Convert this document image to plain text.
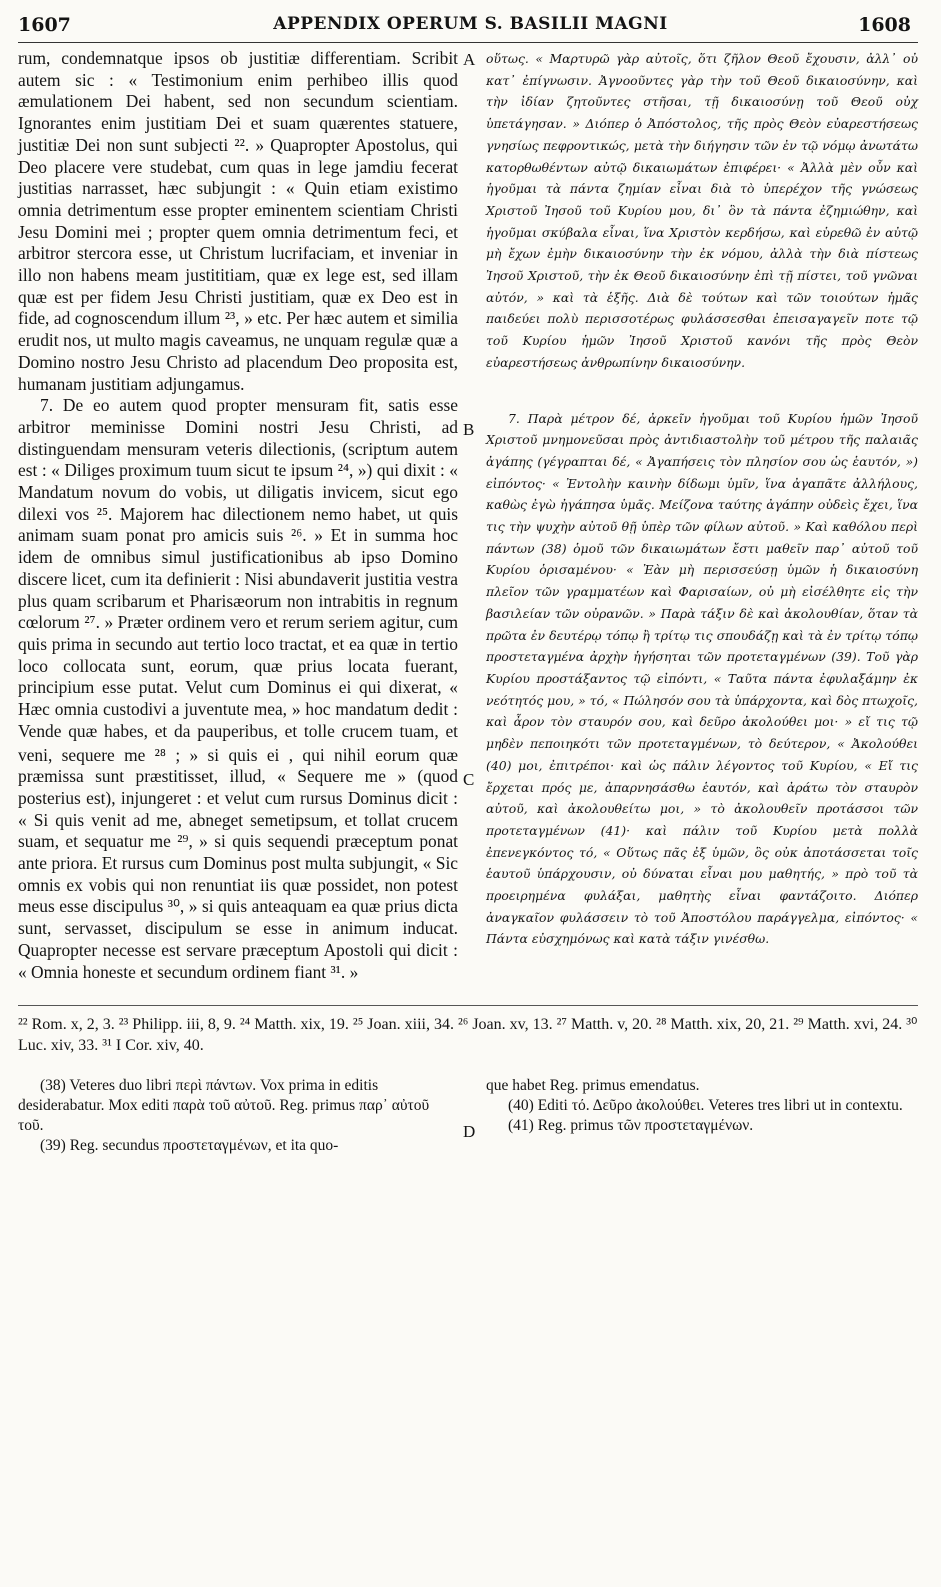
APPENDIX OPERUM S. BASILII MAGNI
1607	1608

rum, condemnatque ipsos ob justitiæ differentiam. Scribit autem sic : « Testimonium enim perhibeo illis quod æmulationem Dei habent, sed non secundum scientiam. Ignorantes enim justitiam Dei et suam quærentes statuere, justitiæ Dei non sunt subjecti ²². » Quapropter Apostolus, qui Deo placere vere studebat, cum quas in lege jamdiu fecerat justitias narrasset, hæc subjungit : « Quin etiam existimo omnia detrimentum esse propter eminentem scientiam Christi Jesu Domini mei ; propter quem omnia detrimentum feci, et arbitror stercora esse, ut Christum lucrifaciam, et inveniar in illo non habens meam justititiam, quæ ex lege est, sed illam quæ est per fidem Jesu Christi justitiam, quæ ex Deo est in fide, ad cognoscendum illum ²³, » etc. Per hæc autem et similia erudit nos, ut multo magis caveamus, ne unquam regulæ quæ a Domino nostro Jesu Christo ad placendum Deo proposita est, humanam justitiam adjungamus.

7. De eo autem quod propter mensuram fit, satis esse arbitror meminisse Domini nostri Jesu Christi, ad distinguendam mensuram veteris dilectionis, (scriptum autem est : « Diliges proximum tuum sicut te ipsum ²⁴, ») qui dixit : « Mandatum novum do vobis, ut diligatis invicem, sicut ego dilexi vos ²⁵. Majorem hac dilectionem nemo habet, ut quis animam suam ponat pro amicis suis ²⁶. » Et in summa hoc idem de omnibus simul justificationibus ab ipso Domino discere licet, cum ita definierit : Nisi abundaverit justitia vestra plus quam scribarum et Pharisæorum non intrabitis in regnum cœlorum ²⁷. » Præter ordinem vero et rerum seriem agitur, cum quis prima in secundo aut tertio loco tractat, et ea quæ in tertio loco collocata sunt, eorum, quæ prius locata fuerant, principium esse putat. Velut cum Dominus ei qui dixerat, « Hæc omnia custodivi a juventute mea, » hoc mandatum dedit : Vende quæ habes, et da pauperibus, et tolle crucem tuam, et veni, sequere me ²⁸ ; » si quis ei , qui nihil eorum quæ præmissa sunt præstitisset, illud, « Sequere me » (quod posterius est), injungeret : et velut cum rursus Dominus dicit : « Si quis venit ad me, abneget semetipsum, et tollat crucem suam, et sequatur me ²⁹, » si quis sequendi præceptum ponat ante priora. Et rursus cum Dominus post multa subjungit, « Sic omnis ex vobis qui non renuntiat iis quæ possidet, non potest meus esse discipulus ³⁰, » si quis anteaquam ea quæ prius dicta sunt, servasset, discipulum se esse in animum inducat. Quapropter necesse est servare præceptum Apostoli qui dicit : « Omnia honeste et secundum ordinem fiant ³¹. »

A
B
C
D

οὕτως. « Μαρτυρῶ γὰρ αὐτοῖς, ὅτι ζῆλον Θεοῦ ἔχουσιν, ἀλλ᾽ οὐ κατ᾽ ἐπίγνωσιν. Ἀγνοοῦντες γὰρ τὴν τοῦ Θεοῦ δικαιοσύνην, καὶ τὴν ἰδίαν ζητοῦντες στῆσαι, τῇ δικαιοσύνῃ τοῦ Θεοῦ οὐχ ὑπετάγησαν. » Διόπερ ὁ Ἀπόστολος, τῆς πρὸς Θεὸν εὐαρεστήσεως γνησίως πεφροντικώς, μετὰ τὴν διήγησιν τῶν ἐν τῷ νόμῳ ἀνωτάτω κατορθωθέντων αὐτῷ δικαιωμάτων ἐπιφέρει· « Ἀλλὰ μὲν οὖν καὶ ἡγοῦμαι τὰ πάντα ζημίαν εἶναι διὰ τὸ ὑπερέχον τῆς γνώσεως Χριστοῦ Ἰησοῦ τοῦ Κυρίου μου, δι᾽ ὃν τὰ πάντα ἐζημιώθην, καὶ ἡγοῦμαι σκύβαλα εἶναι, ἵνα Χριστὸν κερδήσω, καὶ εὑρεθῶ ἐν αὐτῷ μὴ ἔχων ἐμὴν δικαιοσύνην τὴν ἐκ νόμου, ἀλλὰ τὴν διὰ πίστεως Ἰησοῦ Χριστοῦ, τὴν ἐκ Θεοῦ δικαιοσύνην ἐπὶ τῇ πίστει, τοῦ γνῶναι αὐτόν, » καὶ τὰ ἑξῆς. Διὰ δὲ τούτων καὶ τῶν τοιούτων ἡμᾶς παιδεύει πολὺ περισσοτέρως φυλάσσεσθαι ἐπεισαγαγεῖν ποτε τῷ τοῦ Κυρίου ἡμῶν Ἰησοῦ Χριστοῦ κανόνι τῆς πρὸς Θεὸν εὐαρεστήσεως ἀνθρωπίνην δικαιοσύνην.

7. Παρὰ μέτρον δέ, ἀρκεῖν ἡγοῦμαι τοῦ Κυρίου ἡμῶν Ἰησοῦ Χριστοῦ μνημονεῦσαι πρὸς ἀντιδιαστολὴν τοῦ μέτρου τῆς παλαιᾶς ἀγάπης (γέγραπται δέ, « Ἀγαπήσεις τὸν πλησίον σου ὡς ἑαυτόν, ») εἰπόντος· « Ἐντολὴν καινὴν δίδωμι ὑμῖν, ἵνα ἀγαπᾶτε ἀλλήλους, καθὼς ἐγὼ ἠγάπησα ὑμᾶς. Μείζονα ταύτης ἀγάπην οὐδεὶς ἔχει, ἵνα τις τὴν ψυχὴν αὐτοῦ θῇ ὑπὲρ τῶν φίλων αὐτοῦ. » Καὶ καθόλου περὶ πάντων (38) ὁμοῦ τῶν δικαιωμάτων ἔστι μαθεῖν παρ᾽ αὐτοῦ τοῦ Κυρίου ὁρισαμένου· « Ἐὰν μὴ περισσεύσῃ ὑμῶν ἡ δικαιοσύνη πλεῖον τῶν γραμματέων καὶ Φαρισαίων, οὐ μὴ εἰσέλθητε εἰς τὴν βασιλείαν τῶν οὐρανῶν. » Παρὰ τάξιν δὲ καὶ ἀκολουθίαν, ὅταν τὰ πρῶτα ἐν δευτέρῳ τόπῳ ἢ τρίτῳ τις σπουδάζῃ καὶ τὰ ἐν τρίτῳ τόπῳ προστεταγμένα ἀρχὴν ἡγήσηται τῶν προτεταγμένων (39). Τοῦ γὰρ Κυρίου προστάξαντος τῷ εἰπόντι, « Ταῦτα πάντα ἐφυλαξάμην ἐκ νεότητός μου, » τό, « Πώλησόν σου τὰ ὑπάρχοντα, καὶ δὸς πτωχοῖς, καὶ ἆρον τὸν σταυρόν σου, καὶ δεῦρο ἀκολούθει μοι· » εἴ τις τῷ μηδὲν πεποιηκότι τῶν προτεταγμένων, τὸ δεύτερον, « Ἀκολούθει (40) μοι, ἐπιτρέποι· καὶ ὡς πάλιν λέγοντος τοῦ Κυρίου, « Εἴ τις ἔρχεται πρός με, ἀπαρνησάσθω ἑαυτόν, καὶ ἀράτω τὸν σταυρὸν αὐτοῦ, καὶ ἀκολουθείτω μοι, » τὸ ἀκολουθεῖν προτάσσοι τῶν προτεταγμένων (41)· καὶ πάλιν τοῦ Κυρίου μετὰ πολλὰ ἐπενεγκόντος τό, « Οὕτως πᾶς ἐξ ὑμῶν, ὃς οὐκ ἀποτάσσεται τοῖς ἑαυτοῦ ὑπάρχουσιν, οὐ δύναται εἶναι μου μαθητής, » πρὸ τοῦ τὰ προειρημένα φυλάξαι, μαθητὴς εἶναι φαντάζοιτο. Διόπερ ἀναγκαῖον φυλάσσειν τὸ τοῦ Ἀποστόλου παράγγελμα, εἰπόντος· « Πάντα εὐσχημόνως καὶ κατὰ τάξιν γινέσθω.

²² Rom. x, 2, 3. ²³ Philipp. iii, 8, 9. ²⁴ Matth. xix, 19. ²⁵ Joan. xiii, 34. ²⁶ Joan. xv, 13. ²⁷ Matth. v, 20. ²⁸ Matth. xix, 20, 21. ²⁹ Matth. xvi, 24. ³⁰ Luc. xiv, 33. ³¹ I Cor. xiv, 40.

(38) Veteres duo libri περὶ πάντων. Vox prima in editis desiderabatur. Mox editi παρὰ τοῦ αὐτοῦ. Reg. primus παρ᾽ αὐτοῦ τοῦ.

(39) Reg. secundus προστεταγμένων, et ita quo-

que habet Reg. primus emendatus.

(40) Editi τό. Δεῦρο ἀκολούθει. Veteres tres libri ut in contextu.

(41) Reg. primus τῶν προστεταγμένων.
